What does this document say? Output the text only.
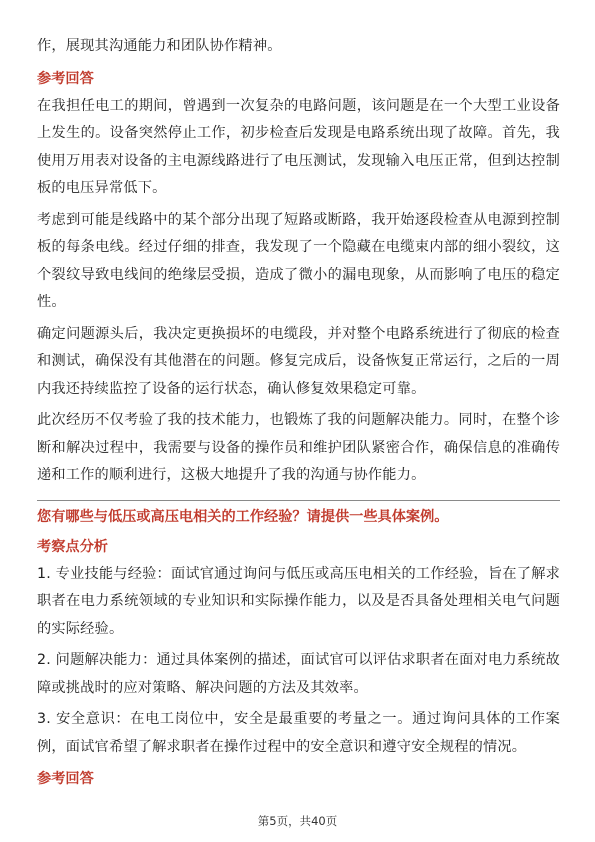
作，展现其沟通能力和团队协作精神。

参考回答

在我担任电工的期间，曾遇到一次复杂的电路问题，该问题是在一个大型工业设备上发生的。设备突然停止工作，初步检查后发现是电路系统出现了故障。首先，我使用万用表对设备的主电源线路进行了电压测试，发现输入电压正常，但到达控制板的电压异常低下。

考虑到可能是线路中的某个部分出现了短路或断路，我开始逐段检查从电源到控制板的每条电线。经过仔细的排查，我发现了一个隐藏在电缆束内部的细小裂纹，这个裂纹导致电线间的绝缘层受损，造成了微小的漏电现象，从而影响了电压的稳定性。

确定问题源头后，我决定更换损坏的电缆段，并对整个电路系统进行了彻底的检查和测试，确保没有其他潜在的问题。修复完成后，设备恢复正常运行，之后的一周内我还持续监控了设备的运行状态，确认修复效果稳定可靠。

此次经历不仅考验了我的技术能力，也锻炼了我的问题解决能力。同时，在整个诊断和解决过程中，我需要与设备的操作员和维护团队紧密合作，确保信息的准确传递和工作的顺利进行，这极大地提升了我的沟通与协作能力。

您有哪些与低压或高压电相关的工作经验？请提供一些具体案例。
考察点分析

1. 专业技能与经验：面试官通过询问与低压或高压电相关的工作经验，旨在了解求职者在电力系统领域的专业知识和实际操作能力，以及是否具备处理相关电气问题的实际经验。

2. 问题解决能力：通过具体案例的描述，面试官可以评估求职者在面对电力系统故障或挑战时的应对策略、解决问题的方法及其效率。

3. 安全意识：在电工岗位中，安全是最重要的考量之一。通过询问具体的工作案例，面试官希望了解求职者在操作过程中的安全意识和遵守安全规程的情况。

参考回答
第5页，共40页
